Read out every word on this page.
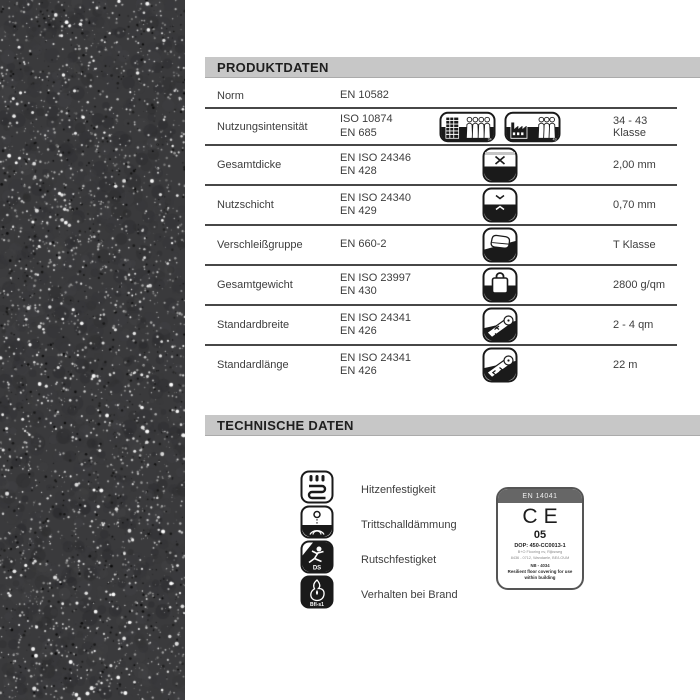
PRODUKTDATEN
Norm	EN 10582		

Nutzungsintensität	ISO 10874
EN 685		34 - 43 Klasse
Gesamtdicke	EN ISO 24346
EN 428		2,00 mm
Nutzschicht	EN ISO 24340
EN 429		0,70 mm
Verschleißgruppe	EN 660-2		T Klasse
Gesamtgewicht	EN ISO 23997
EN 430		2800 g/qm
Standardbreite	EN ISO 24341
EN 426		2 - 4 qm
Standardlänge	EN ISO 24341
EN 426		22 m
TECHNISCHE DATEN
Hitzenfestigkeit
Trittschalldämmung
Rutschfestigket
Verhalten bei Brand
EN 14041
CE
05
DOP: 450-CC0013-1
B+O Flooring nv, Rijksweg
8436 - 0712, Wandaele, BE/LOUM
NB - 4034
Resilient floor covering for use
within building
